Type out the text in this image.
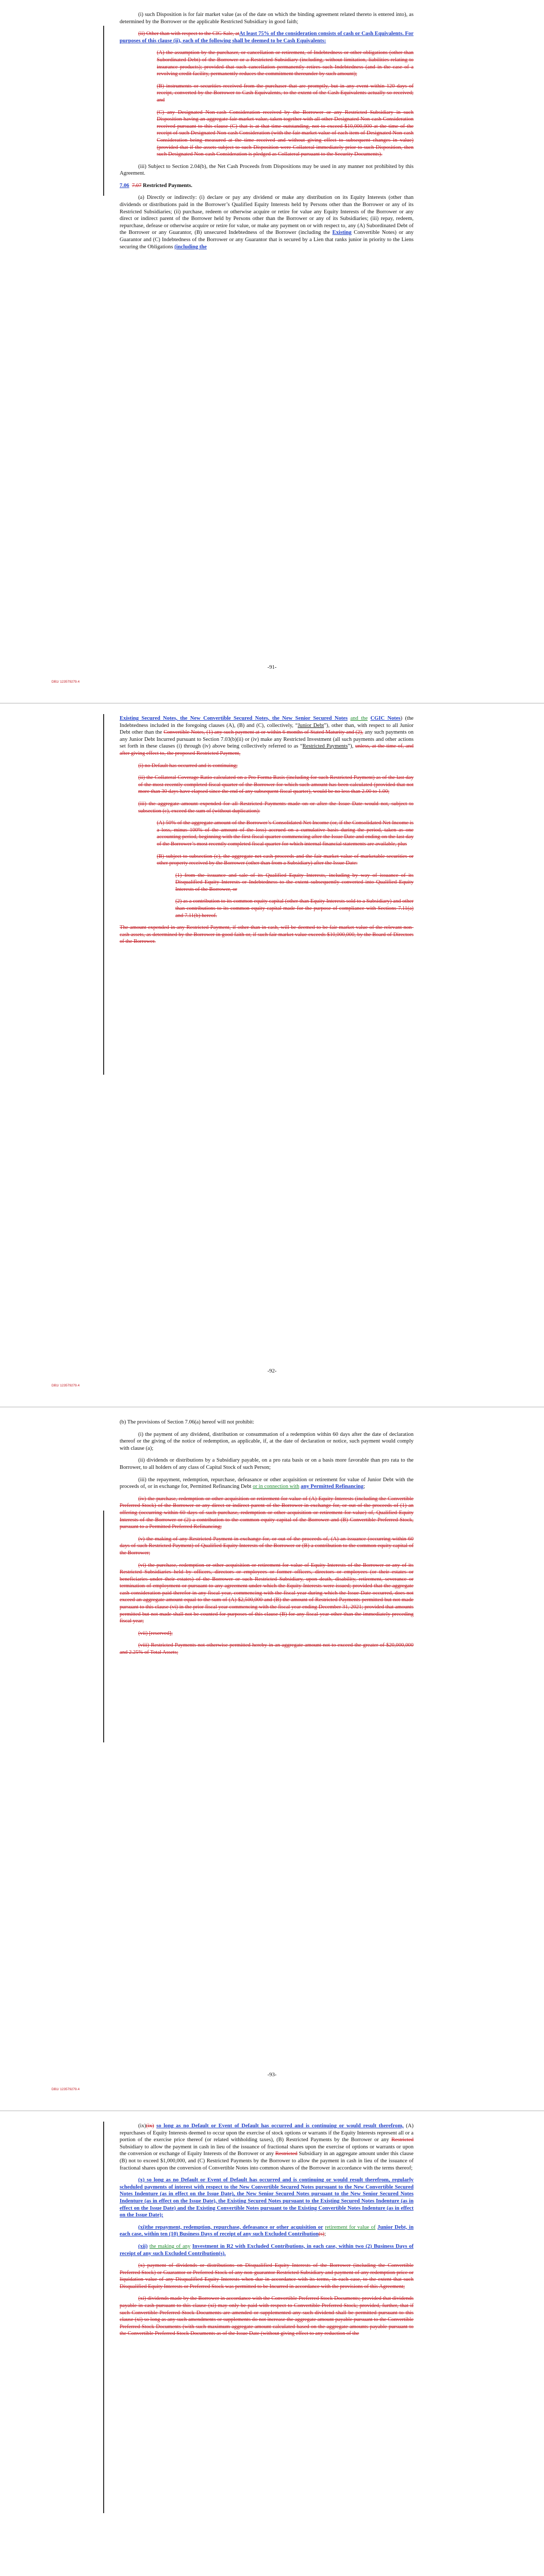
(i) such Disposition is for fair market value (as of the date on which the binding agreement related thereto is entered into), as determined by the Borrower or the applicable Restricted Subsidiary in good faith;

(ii) Other than with respect to the CIG Sale, atAt least 75% of the consideration consists of cash or Cash Equivalents. For purposes of this clause (ii), each of the following shall be deemed to be Cash Equivalents:

(A) the assumption by the purchaser, or cancellation or retirement, of Indebtedness or other obligations (other than Subordinated Debt) of the Borrower or a Restricted Subsidiary (including, without limitation, liabilities relating to insurance products); provided that such cancellation permanently retires such Indebtedness (and in the case of a revolving credit facility, permanently reduces the commitment thereunder by such amount);

(B) instruments or securities received from the purchaser that are promptly, but in any event within 120 days of receipt, converted by the Borrower to Cash Equivalents, to the extent of the Cash Equivalents actually so received; and

(C) any Designated Non-cash Consideration received by the Borrower or any Restricted Subsidiary in such Disposition having an aggregate fair market value, taken together with all other Designated Non-cash Consideration received pursuant to this clause (C) that is at that time outstanding, not to exceed $10,000,000 at the time of the receipt of such Designated Non-cash Consideration (with the fair market value of each item of Designated Non-cash Consideration being measured at the time received and without giving effect to subsequent changes in value) (provided that if the assets subject to such Disposition were Collateral immediately prior to such Disposition, then such Designated Non-cash Consideration is pledged as Collateral pursuant to the Security Documents).

(iii) Subject to Section 2.04(b), the Net Cash Proceeds from Dispositions may be used in any manner not prohibited by this Agreement.

7.06 7.07 Restricted Payments.

(a) Directly or indirectly: (i) declare or pay any dividend or make any distribution on its Equity Interests (other than dividends or distributions paid in the Borrower’s Qualified Equity Interests held by Persons other than the Borrower or any of its Restricted Subsidiaries; (ii) purchase, redeem or otherwise acquire or retire for value any Equity Interests of the Borrower or any direct or indirect parent of the Borrower held by Persons other than the Borrower or any of its Subsidiaries; (iii) repay, redeem, repurchase, defease or otherwise acquire or retire for value, or make any payment on or with respect to, any (A) Subordinated Debt of the Borrower or any Guarantor, (B) unsecured Indebtedness of the Borrower (including the Existing Convertible Notes) or any Guarantor and (C) Indebtedness of the Borrower or any Guarantor that is secured by a Lien that ranks junior in priority to the Liens securing the Obligations (including the

-91-
DB1/ 123579279.4

Existing Secured Notes, the New Convertible Secured Notes, the New Senior Secured Notes and the CGIC Notes) (the Indebtedness included in the foregoing clauses (A), (B) and (C), collectively, “Junior Debt”), other than, with respect to all Junior Debt other than the Convertible Notes, (1) any such payment at or within 6 months of Stated Maturity and (2), any such payments on any Junior Debt Incurred pursuant to Section 7.03(b)(ii) or (iv) make any Restricted Investment (all such payments and other actions set forth in these clauses (i) through (iv) above being collectively referred to as “Restricted Payments”), unless, at the time of, and after giving effect to, the proposed Restricted Payment,

(i) no Default has occurred and is continuing;

(ii) the Collateral Coverage Ratio calculated on a Pro Forma Basis (including for such Restricted Payment) as of the last day of the most recently completed fiscal quarter of the Borrower for which such amount has been calculated (provided that not more than 30 days have elapsed since the end of any subsequent fiscal quarter), would be no less than 2.00 to 1.00;

(iii) the aggregate amount expended for all Restricted Payments made on or after the Issue Date would not, subject to subsection (c), exceed the sum of (without duplication):

(A) 50% of the aggregate amount of the Borrower’s Consolidated Net Income (or, if the Consolidated Net Income is a loss, minus 100% of the amount of the loss) accrued on a cumulative basis during the period, taken as one accounting period, beginning with the first fiscal quarter commencing after the Issue Date and ending on the last day of the Borrower’s most recently completed fiscal quarter for which internal financial statements are available, plus

(B) subject to subsection (c), the aggregate net cash proceeds and the fair market value of marketable securities or other property received by the Borrower (other than from a Subsidiary) after the Issue Date:

(1) from the issuance and sale of its Qualified Equity Interests, including by way of issuance of its Disqualified Equity Interests or Indebtedness to the extent subsequently converted into Qualified Equity Interests of the Borrower, or

(2) as a contribution to its common equity capital (other than Equity Interests sold to a Subsidiary) and other than contributions to its common equity capital made for the purpose of compliance with Sections 7.11(a) and 7.11(b) hereof.

The amount expended in any Restricted Payment, if other than in cash, will be deemed to be fair market value of the relevant non-cash assets, as determined by the Borrower in good faith or, if such fair market value exceeds $10,000,000, by the Board of Directors of the Borrower.

-92-
DB1/ 123579279.4

(b) The provisions of Section 7.06(a) hereof will not prohibit:

(i) the payment of any dividend, distribution or consummation of a redemption within 60 days after the date of declaration thereof or the giving of the notice of redemption, as applicable, if, at the date of declaration or notice, such payment would comply with clause (a);

(ii) dividends or distributions by a Subsidiary payable, on a pro rata basis or on a basis more favorable than pro rata to the Borrower, to all holders of any class of Capital Stock of such Person;

(iii) the repayment, redemption, repurchase, defeasance or other acquisition or retirement for value of Junior Debt with the proceeds of, or in exchange for, Permitted Refinancing Debt or in connection with any Permitted Refinancing;

(iv) the purchase, redemption or other acquisition or retirement for value of (A) Equity Interests (including the Convertible Preferred Stock) of the Borrower or any direct or indirect parent of the Borrower in exchange for, or out of the proceeds of (1) an offering (occurring within 60 days of such purchase, redemption or other acquisition or retirement for value) of, Qualified Equity Interests of the Borrower or (2) a contribution to the common equity capital of the Borrower and (B) Convertible Preferred Stock, pursuant to a Permitted Preferred Refinancing;

(v) the making of any Restricted Payment in exchange for, or out of the proceeds of, (A) an issuance (occurring within 60 days of such Restricted Payment) of Qualified Equity Interests of the Borrower or (B) a contribution to the common equity capital of the Borrower;

(vi) the purchase, redemption or other acquisition or retirement for value of Equity Interests of the Borrower or any of its Restricted Subsidiaries held by officers, directors or employees or former officers, directors or employees (or their estates or beneficiaries under their estates) of the Borrower or such Restricted Subsidiary, upon death, disability, retirement, severance or termination of employment or pursuant to any agreement under which the Equity Interests were issued; provided that the aggregate cash consideration paid therefor in any fiscal year, commencing with the fiscal year during which the Issue Date occurred, does not exceed an aggregate amount equal to the sum of (A) $2,500,000 and (B) the amount of Restricted Payments permitted but not made pursuant to this clause (vi) in the prior fiscal year commencing with the fiscal year ending December 31, 2021; provided that amounts permitted but not made shall not be counted for purposes of this clause (B) for any fiscal year other than the immediately preceding fiscal year;

(vii) [reserved];

(viii) Restricted Payments not otherwise permitted hereby in an aggregate amount not to exceed the greater of $20,000,000 and 2.25% of Total Assets;

-93-
DB1/ 123579279.4

(ix)(ix) so long as no Default or Event of Default has occurred and is continuing or would result therefrom, (A) repurchases of Equity Interests deemed to occur upon the exercise of stock options or warrants if the Equity Interests represent all or a portion of the exercise price thereof (or related withholding taxes), (B) Restricted Payments by the Borrower or any Restricted Subsidiary to allow the payment in cash in lieu of the issuance of fractional shares upon the exercise of options or warrants or upon the conversion or exchange of Equity Interests of the Borrower or any Restricted Subsidiary in an aggregate amount under this clause (B) not to exceed $1,000,000, and (C) Restricted Payments by the Borrower to allow the payment in cash in lieu of the issuance of fractional shares upon the conversion of Convertible Notes into common shares of the Borrower in accordance with the terms thereof;

(x) so long as no Default or Event of Default has occurred and is continuing or would result therefrom, regularly scheduled payments of interest with respect to the New Convertible Secured Notes pursuant to the New Convertible Secured Notes Indenture (as in effect on the Issue Date), the New Senior Secured Notes pursuant to the New Senior Secured Notes Indenture (as in effect on the Issue Date), the Existing Secured Notes pursuant to the Existing Secured Notes Indenture (as in effect on the Issue Date) and the Existing Convertible Notes pursuant to the Existing Convertible Notes Indenture (as in effect on the Issue Date);

(xi)the repayment, redemption, repurchase, defeasance or other acquisition or retirement for value of Junior Debt, in each case, within ten (10) Business Days of receipt of any such Excluded Contribution(s);

(xii) the making of any Investment in R2 with Excluded Contributions, in each case, within two (2) Business Days of receipt of any such Excluded Contribution(s).

(x) payment of dividends or distributions on Disqualified Equity Interests of the Borrower (including the Convertible Preferred Stock) or Guarantor or Preferred Stock of any non-guarantor Restricted Subsidiary and payment of any redemption price or liquidation value of any Disqualified Equity Interests when due in accordance with its terms, in each case, to the extent that such Disqualified Equity Interests or Preferred Stock was permitted to be Incurred in accordance with the provisions of this Agreement;

(xi) dividends made by the Borrower in accordance with the Convertible Preferred Stock Documents; provided that dividends payable in cash pursuant to this clause (xi) may only be paid with respect to Convertible Preferred Stock; provided, further, that if such Convertible Preferred Stock Documents are amended or supplemented any such dividend shall be permitted pursuant to this clause (xi) so long as any such amendments or supplements do not increase the aggregate amount payable pursuant to the Convertible Preferred Stock Documents (with such maximum aggregate amount calculated based on the aggregate amounts payable pursuant to the Convertible Preferred Stock Documents as of the Issue Date (without giving effect to any reduction of the
